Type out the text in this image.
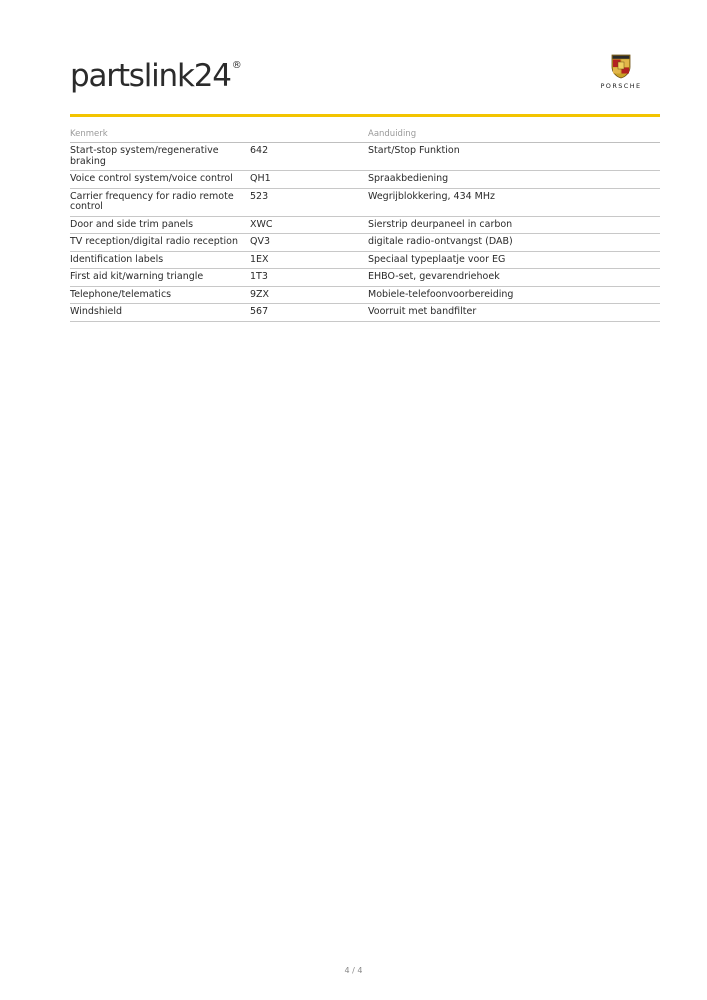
partslink24 ®
PORSCHE
Kenmerk		Aanduiding
Start-stop system/regenerative braking	642	Start/Stop Funktion
Voice control system/voice control	QH1	Spraakbediening
Carrier frequency for radio remote control	523	Wegrijblokkering, 434 MHz
Door and side trim panels	XWC	Sierstrip deurpaneel in carbon
TV reception/digital radio reception	QV3	digitale radio-ontvangst (DAB)
Identification labels	1EX	Speciaal typeplaatje voor EG
First aid kit/warning triangle	1T3	EHBO-set, gevarendriehoek
Telephone/telematics	9ZX	Mobiele-telefoonvoorbereiding
Windshield	567	Voorruit met bandfilter
4 / 4
